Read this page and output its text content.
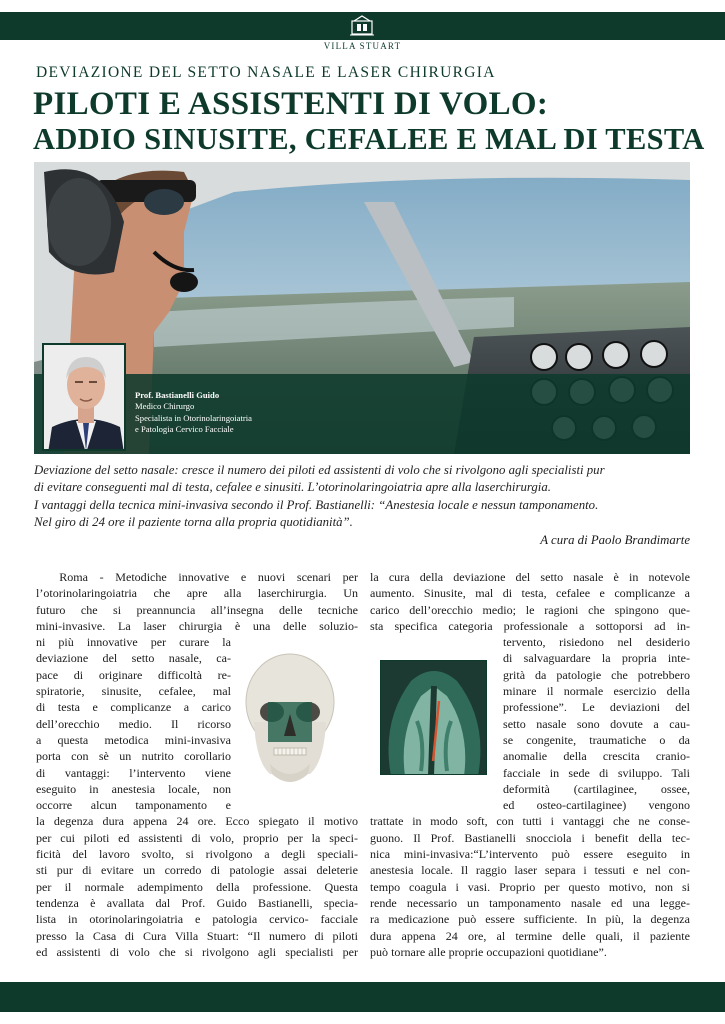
VILLA STUART
DEVIAZIONE DEL SETTO NASALE E LASER CHIRURGIA
PILOTI E ASSISTENTI DI VOLO:
ADDIO SINUSITE, CEFALEE E MAL DI TESTA
Prof. Bastianelli Guido
Medico Chirurgo
Specialista in Otorinolaringoiatria
e Patologia Cervico Facciale

Deviazione del setto nasale: cresce il numero dei piloti ed assistenti di volo che si rivolgono agli specialisti pur

di evitare conseguenti mal di testa, cefalee e sinusiti. L’otorinolaringoiatria apre alla laserchirurgia.

I vantaggi della tecnica mini-invasiva secondo il Prof. Bastianelli: “Anestesia locale e nessun tamponamento.

Nel giro di 24 ore il paziente torna alla propria quotidianità”.

A cura di Paolo Brandimarte
Roma - Metodiche innovative e nuovi scenari per
l’otorinolaringoiatria che apre alla laserchirurgia. Un
futuro che si preannuncia all’insegna delle tecniche
mini-invasive. La laser chirurgia è una delle soluzio-
ni più innovative per curare la
deviazione del setto nasale, ca-
pace di originare difficoltà re-
spiratorie, sinusite, cefalee, mal
di testa e complicanze a carico
dell’orecchio medio. Il ricorso
a questa metodica mini-invasiva
porta con sè un nutrito corollario
di vantaggi: l’intervento viene
eseguito in anestesia locale, non
occorre alcun tamponamento e
la degenza dura appena 24 ore. Ecco spiegato il motivo
per cui piloti ed assistenti di volo, proprio per la speci-
ficità del lavoro svolto, si rivolgono a degli speciali-
sti pur di evitare un corredo di patologie assai deleterie
per il normale adempimento della professione. Questa
tendenza è avallata dal Prof. Guido Bastianelli, specia-
lista in otorinolaringoiatria e patologia cervico- facciale
presso la Casa di Cura Villa Stuart: “Il numero di piloti
ed assistenti di volo che si rivolgono agli specialisti per
la cura della deviazione del setto nasale è in notevole
aumento. Sinusite, mal di testa, cefalee e complicanze a
carico dell’orecchio medio; le ragioni che spingono que-
sta specifica categoria professionale a sottoporsi ad in-
tervento, risiedono nel desiderio
di salvaguardare la propria inte-
grità da patologie che potrebbero
minare il normale esercizio della
professione”. Le deviazioni del
setto nasale sono dovute a cau-
se congenite, traumatiche o da
anomalie della crescita cranio-
facciale in sede di sviluppo. Tali
deformità (cartilaginee, ossee,
ed osteo-cartilaginee) vengono
trattate in modo soft, con tutti i vantaggi che ne conse-
guono. Il Prof. Bastianelli snocciola i benefit della tec-
nica mini-invasiva:“L’intervento può essere eseguito in
anestesia locale. Il raggio laser separa i tessuti e nel con-
tempo coagula i vasi. Proprio per questo motivo, non si
rende necessario un tamponamento nasale ed una legge-
ra medicazione può essere sufficiente. In più, la degenza
dura appena 24 ore, al termine delle quali, il paziente
può tornare alle proprie occupazioni quotidiane”.
